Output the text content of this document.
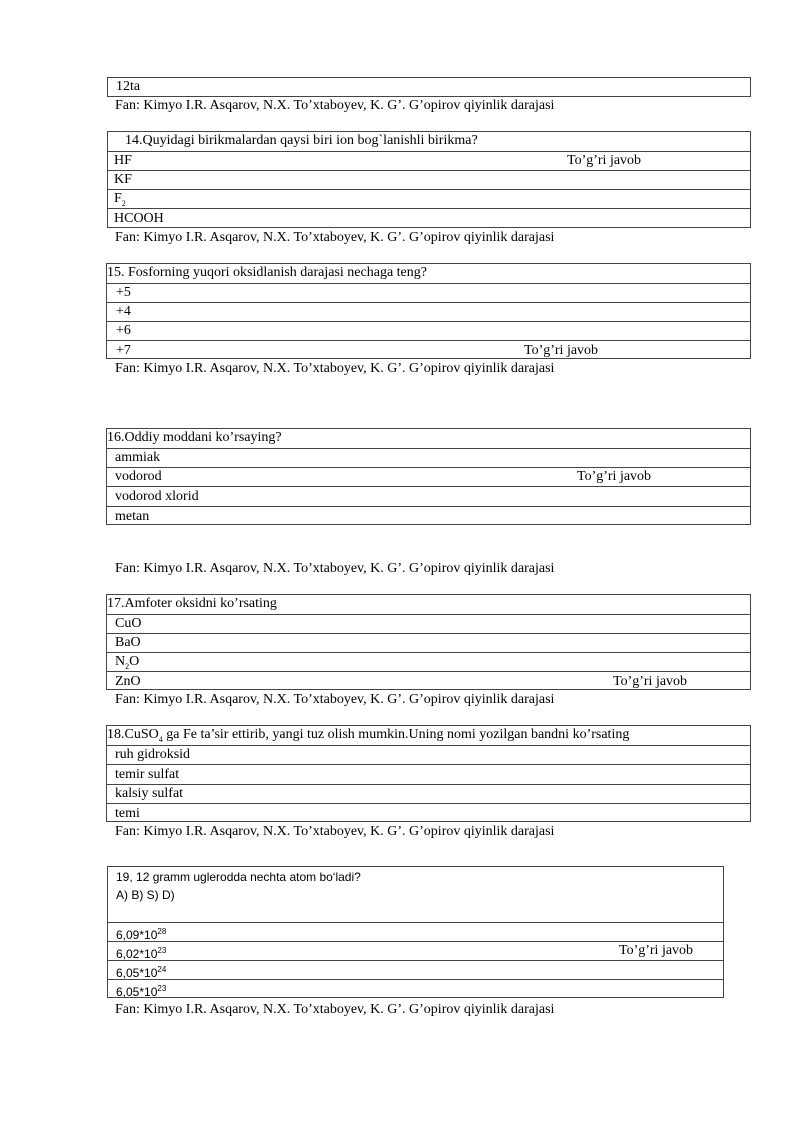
12ta
Fan: Kimyo I.R. Asqarov, N.X. To’xtaboyev, K. G’. G’opirov qiyinlik darajasi
14.Quyidagi birikmalardan qaysi biri ion bog`lanishli birikma?
HF	To’g’ri javob
KF
$F_2$
HCOOH
Fan: Kimyo I.R. Asqarov, N.X. To’xtaboyev, K. G’. G’opirov qiyinlik darajasi
15. Fosforning yuqori oksidlanish darajasi nechaga teng?
+5
+4
+6
+7	To’g’ri javob
Fan: Kimyo I.R. Asqarov, N.X. To’xtaboyev, K. G’. G’opirov qiyinlik darajasi
16.Oddiy moddani ko’rsaying?
ammiak
vodorod	To’g’ri javob
vodorod xlorid
metan
Fan: Kimyo I.R. Asqarov, N.X. To’xtaboyev, K. G’. G’opirov qiyinlik darajasi
17.Amfoter oksidni ko’rsating
CuO
BaO
$N_2O$
ZnO	To’g’ri javob
Fan: Kimyo I.R. Asqarov, N.X. To’xtaboyev, K. G’. G’opirov qiyinlik darajasi
18.CuSO$_4$ ga Fe ta’sir ettirib, yangi tuz olish mumkin.Uning nomi yozilgan bandni ko’rsating
ruh gidroksid
temir sulfat
kalsiy sulfat
temi
Fan: Kimyo I.R. Asqarov, N.X. To’xtaboyev, K. G’. G’opirov qiyinlik darajasi
19, 12 gramm uglerodda nechta atom bo‘ladi?
A) B) S) D)
$6,09*10^{28}$
$6,02*10^{23}$	To’g’ri javob
$6,05*10^{24}$
$6,05*10^{23}$
Fan: Kimyo I.R. Asqarov, N.X. To’xtaboyev, K. G’. G’opirov qiyinlik darajasi
